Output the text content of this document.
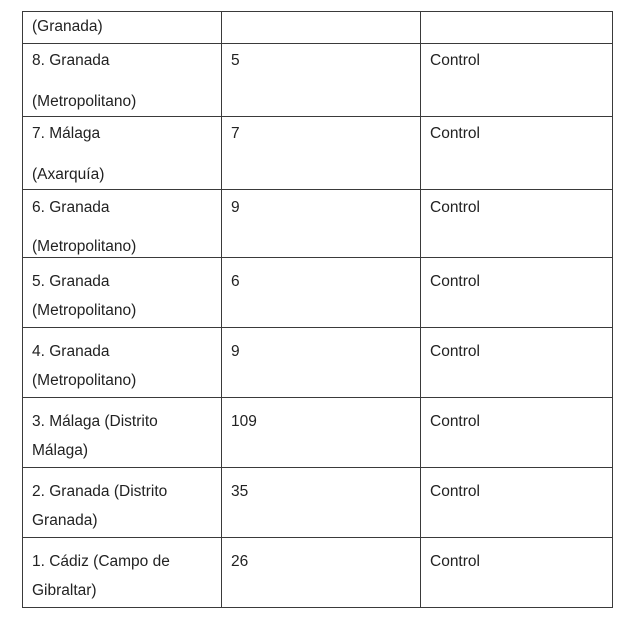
(Granada)		

8. Granada
(Metropolitano)	5	Control

7. Málaga
(Axarquía)	7	Control

6. Granada
(Metropolitano)	9	Control

5. Granada (Metropolitano)	6	Control

4. Granada (Metropolitano)	9	Control

3. Málaga (Distrito Málaga)	109	Control

2. Granada (Distrito Granada)	35	Control

1. Cádiz (Campo de Gibraltar)	26	Control
